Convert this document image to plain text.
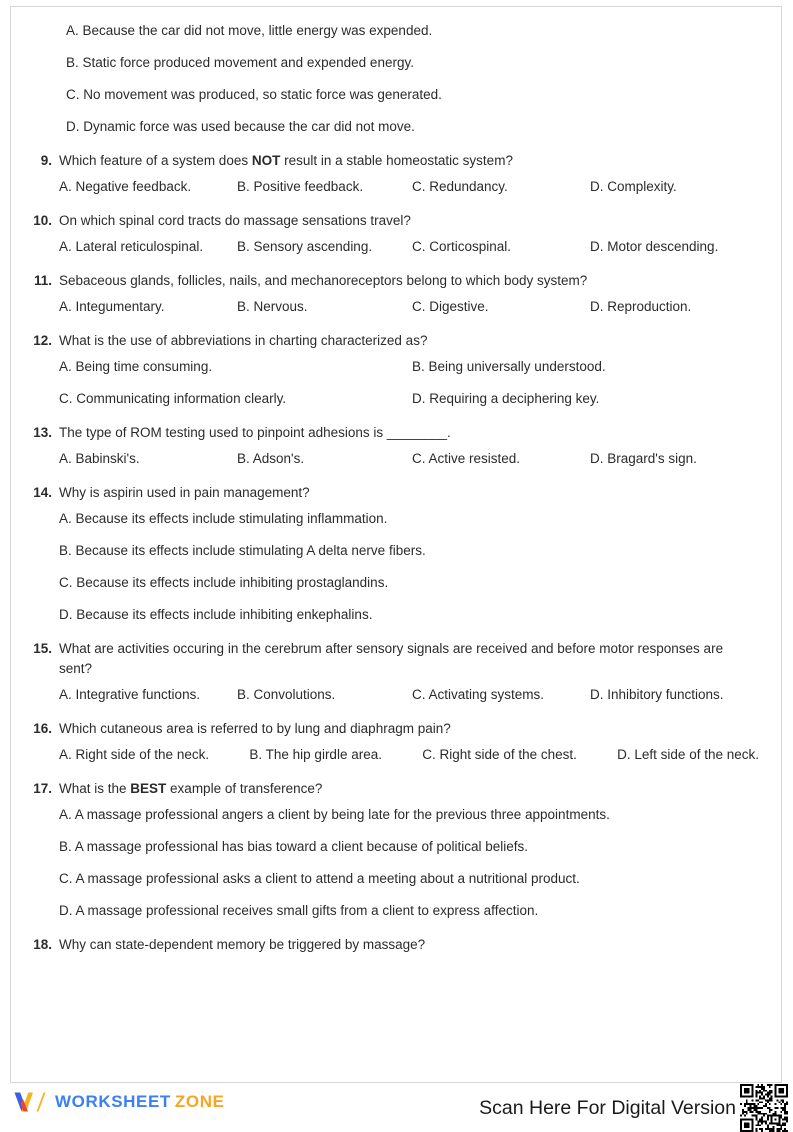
A. Because the car did not move, little energy was expended.
B. Static force produced movement and expended energy.
C. No movement was produced, so static force was generated.
D. Dynamic force was used because the car did not move.
9. Which feature of a system does NOT result in a stable homeostatic system?

A. Negative feedback.	B. Positive feedback.	C. Redundancy.	D. Complexity.
10. On which spinal cord tracts do massage sensations travel?

A. Lateral reticulospinal.	B. Sensory ascending.	C. Corticospinal.	D. Motor descending.
11. Sebaceous glands, follicles, nails, and mechanoreceptors belong to which body system?

A. Integumentary.	B. Nervous.	C. Digestive.	D. Reproduction.
12. What is the use of abbreviations in charting characterized as?

A. Being time consuming.	B. Being universally understood.
C. Communicating information clearly.	D. Requiring a deciphering key.
13. The type of ROM testing used to pinpoint adhesions is ________.

A. Babinski's.	B. Adson's.	C. Active resisted.	D. Bragard's sign.
14. Why is aspirin used in pain management?

A. Because its effects include stimulating inflammation.
B. Because its effects include stimulating A delta nerve fibers.
C. Because its effects include inhibiting prostaglandins.
D. Because its effects include inhibiting enkephalins.
15. What are activities occuring in the cerebrum after sensory signals are received and before motor responses are sent?

A. Integrative functions.	B. Convolutions.	C. Activating systems.	D. Inhibitory functions.
16. Which cutaneous area is referred to by lung and diaphragm pain?

A. Right side of the neck.	B. The hip girdle area.	C. Right side of the chest.	D. Left side of the neck.
17. What is the BEST example of transference?

A. A massage professional angers a client by being late for the previous three appointments.
B. A massage professional has bias toward a client because of political beliefs.
C. A massage professional asks a client to attend a meeting about a nutritional product.
D. A massage professional receives small gifts from a client to express affection.
18. Why can state-dependent memory be triggered by massage?

WORKSHEET ZONE	Scan Here For Digital Version
